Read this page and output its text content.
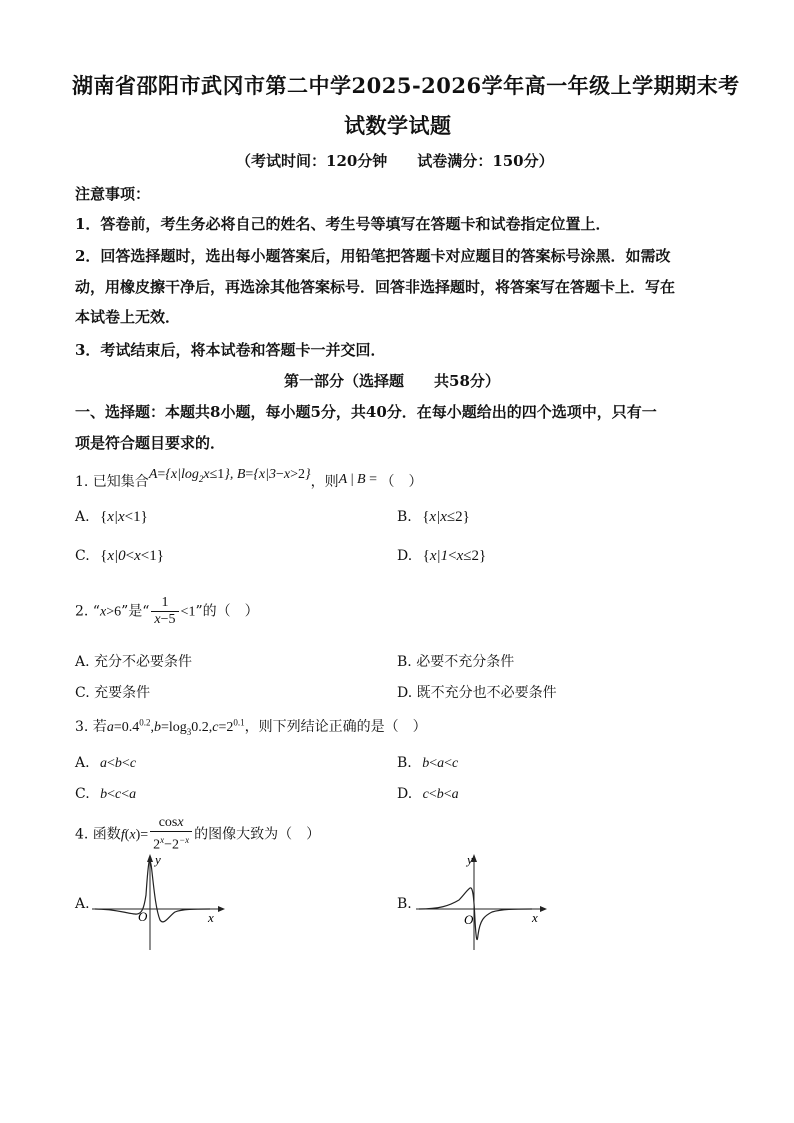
湖南省邵阳市武冈市第二中学2025-2026学年高一年级上学期期末考
试数学试题
（考试时间：120分钟　　试卷满分：150分）
注意事项：
1．答卷前，考生务必将自己的姓名、考生号等填写在答题卡和试卷指定位置上．
2．回答选择题时，选出每小题答案后，用铅笔把答题卡对应题目的答案标号涂黑．如需改
动，用橡皮擦干净后，再选涂其他答案标号．回答非选择题时，将答案写在答题卡上．写在
本试卷上无效．
3．考试结束后，将本试卷和答题卡一并交回．
第一部分（选择题　　共58分）
一、选择题：本题共8小题，每小题5分，共40分．在每小题给出的四个选项中，只有一
项是符合题目要求的．
1. 已知集合$A=\{x|\log_2x\le 1\}$, B={x|3−x>2}，则A | B = （　）
A. {x|x<1}	B. {x|x≤2}
C. {x|0<x<1}	D. {x|1<x≤2}
2. “x>6”是“ $\frac{1}{x-5} <1$”的（　）
A. 充分不必要条件	B. 必要不充分条件
C. 充要条件	D. 既不充分也不必要条件
3. 若$a=0.4^{0.2},b=\log_30.2,c=2^{0.1}$，则下列结论正确的是（　）
A. a<b<c	B. b<a<c
C. b<c<a	D. c<b<a
4. 函数$f(x)= \frac{\cos x}{2^x-2^{-x}}$ 的图像大致为（　）
A.
y
O	x
B.
y
O	x
